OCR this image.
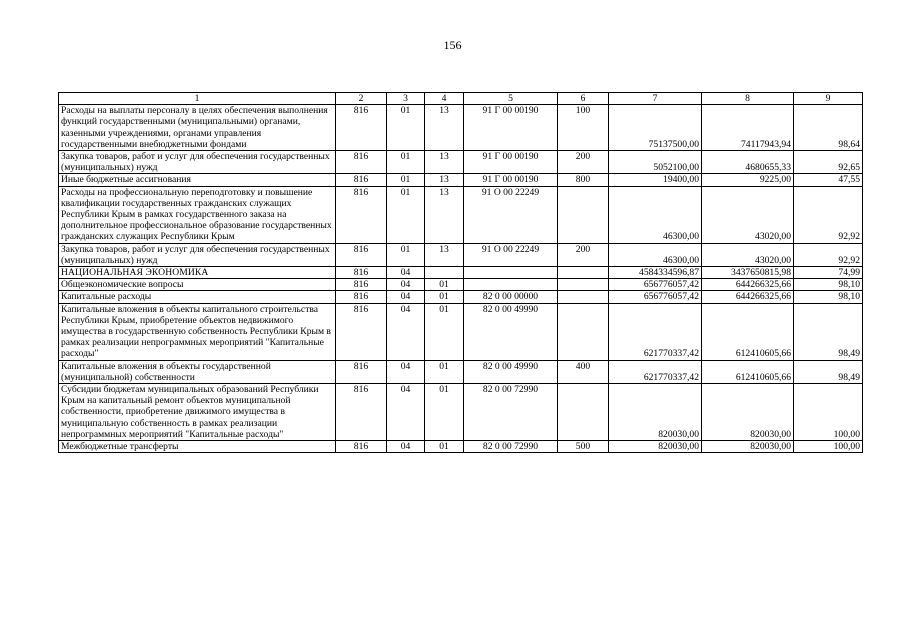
156
1	2	3	4	5	6	7	8	9
Расходы на выплаты персоналу в целях обеспечения выполнения функций государственными (муниципальными) органами, казенными учреждениями, органами управления государственными внебюджетными фондами	816	01	13	91 Г 00 00190	100	75137500,00	74117943,94	98,64
Закупка товаров, работ и услуг для обеспечения государственных (муниципальных) нужд	816	01	13	91 Г 00 00190	200	5052100,00	4680655,33	92,65
Иные бюджетные ассигнования	816	01	13	91 Г 00 00190	800	19400,00	9225,00	47,55
Расходы на профессиональную переподготовку и повышение квалификации государственных гражданских служащих Республики Крым в рамках государственного заказа на дополнительное профессиональное образование государственных гражданских служащих Республики Крым	816	01	13	91 О 00 22249		46300,00	43020,00	92,92
Закупка товаров, работ и услуг для обеспечения государственных (муниципальных) нужд	816	01	13	91 О 00 22249	200	46300,00	43020,00	92,92
НАЦИОНАЛЬНАЯ ЭКОНОМИКА	816	04				4584334596,87	3437650815,98	74,99
Общеэкономические вопросы	816	04	01			656776057,42	644266325,66	98,10
Капитальные расходы	816	04	01	82 0 00 00000		656776057,42	644266325,66	98,10
Капитальные вложения в объекты капитального строительства Республики Крым, приобретение объектов недвижимого имущества в государственную собственность Республики Крым в рамках реализации непрограммных мероприятий "Капитальные расходы"	816	04	01	82 0 00 49990		621770337,42	612410605,66	98,49
Капитальные вложения в объекты государственной (муниципальной) собственности	816	04	01	82 0 00 49990	400	621770337,42	612410605,66	98,49
Субсидии бюджетам муниципальных образований Республики Крым на капитальный ремонт объектов муниципальной собственности, приобретение движимого имущества в муниципальную собственность в рамках реализации непрограммных мероприятий "Капитальные расходы"	816	04	01	82 0 00 72990		820030,00	820030,00	100,00
Межбюджетные трансферты	816	04	01	82 0 00 72990	500	820030,00	820030,00	100,00
